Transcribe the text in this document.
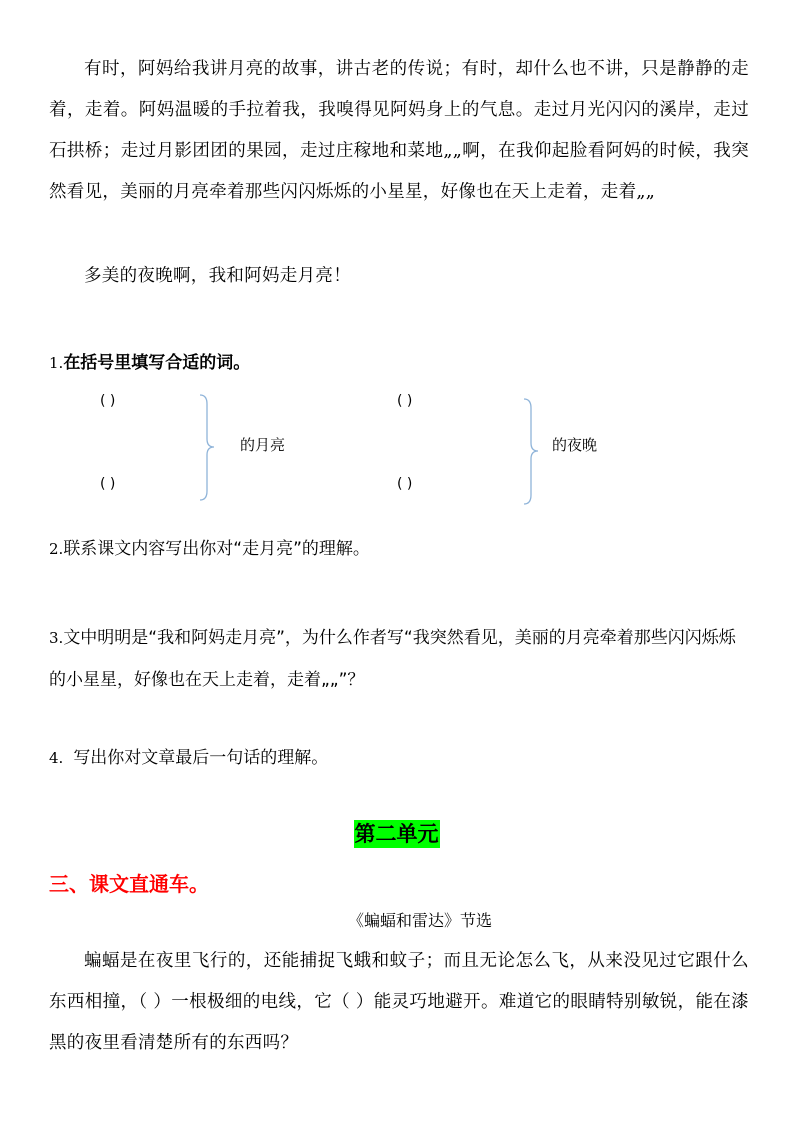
有时，阿妈给我讲月亮的故事，讲古老的传说；有时，却什么也不讲，只是静静的走着，走着。阿妈温暖的手拉着我，我嗅得见阿妈身上的气息。走过月光闪闪的溪岸，走过石拱桥；走过月影团团的果园，走过庄稼地和菜地„„啊，在我仰起脸看阿妈的时候，我突然看见，美丽的月亮牵着那些闪闪烁烁的小星星，好像也在天上走着，走着„„

多美的夜晚啊，我和阿妈走月亮！

1.在括号里填写合适的词。
( )
( )
的月亮
( )
( )
的夜晚
2.联系课文内容写出你对“走月亮”的理解。
3.文中明明是“我和阿妈走月亮”，为什么作者写“我突然看见，美丽的月亮牵着那些闪闪烁烁的小星星，好像也在天上走着，走着„„”？
4. 写出你对文章最后一句话的理解。
第二单元
三、课文直通车。
《蝙蝠和雷达》节选

蝙蝠是在夜里飞行的，还能捕捉飞蛾和蚊子；而且无论怎么飞，从来没见过它跟什么东西相撞，（ ）一根极细的电线，它（ ）能灵巧地避开。难道它的眼睛特别敏锐，能在漆黑的夜里看清楚所有的东西吗？
